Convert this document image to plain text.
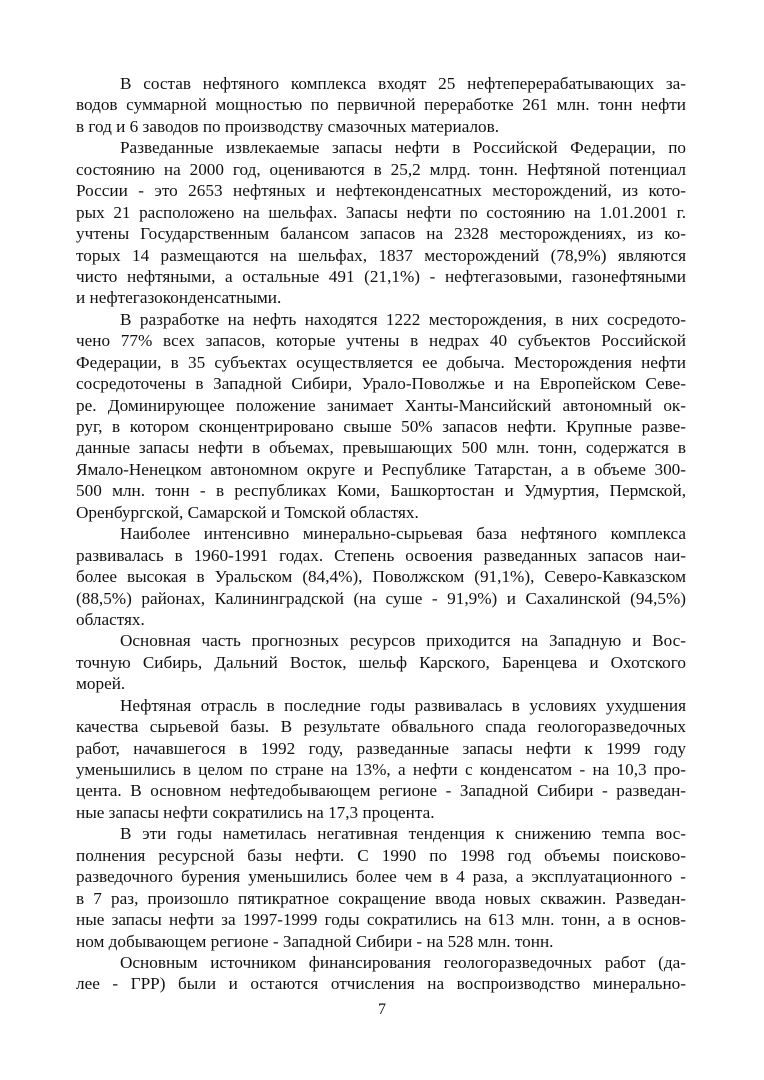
В состав нефтяного комплекса входят 25 нефтеперерабатывающих за-
водов суммарной мощностью по первичной переработке 261 млн. тонн нефти
в год и 6 заводов по производству смазочных материалов.
Разведанные извлекаемые запасы нефти в Российской Федерации, по
состоянию на 2000 год, оцениваются в 25,2 млрд. тонн. Нефтяной потенциал
России - это 2653 нефтяных и нефтеконденсатных месторождений, из кото-
рых 21 расположено на шельфах. Запасы нефти по состоянию на 1.01.2001 г.
учтены Государственным балансом запасов на 2328 месторождениях, из ко-
торых 14 размещаются на шельфах, 1837 месторождений (78,9%) являются
чисто нефтяными, а остальные 491 (21,1%) - нефтегазовыми, газонефтяными
и нефтегазоконденсатными.
В разработке на нефть находятся 1222 месторождения, в них сосредото-
чено 77% всех запасов, которые учтены в недрах 40 субъектов Российской
Федерации, в 35 субъектах осуществляется ее добыча. Месторождения нефти
сосредоточены в Западной Сибири, Урало-Поволжье и на Европейском Севе-
ре. Доминирующее положение занимает Ханты-Мансийский автономный ок-
руг, в котором сконцентрировано свыше 50% запасов нефти. Крупные разве-
данные запасы нефти в объемах, превышающих 500 млн. тонн, содержатся в
Ямало-Ненецком автономном округе и Республике Татарстан, а в объеме 300-
500 млн. тонн - в республиках Коми, Башкортостан и Удмуртия, Пермской,
Оренбургской, Самарской и Томской областях.
Наиболее интенсивно минерально-сырьевая база нефтяного комплекса
развивалась в 1960-1991 годах. Степень освоения разведанных запасов наи-
более высокая в Уральском (84,4%), Поволжском (91,1%), Северо-Кавказском
(88,5%) районах, Калининградской (на суше - 91,9%) и Сахалинской (94,5%)
областях.
Основная часть прогнозных ресурсов приходится на Западную и Вос-
точную Сибирь, Дальний Восток, шельф Карского, Баренцева и Охотского
морей.
Нефтяная отрасль в последние годы развивалась в условиях ухудшения
качества сырьевой базы. В результате обвального спада геологоразведочных
работ, начавшегося в 1992 году, разведанные запасы нефти к 1999 году
уменьшились в целом по стране на 13%, а нефти с конденсатом - на 10,3 про-
цента. В основном нефтедобывающем регионе - Западной Сибири - разведан-
ные запасы нефти сократились на 17,3 процента.
В эти годы наметилась негативная тенденция к снижению темпа вос-
полнения ресурсной базы нефти. С 1990 по 1998 год объемы поисково-
разведочного бурения уменьшились более чем в 4 раза, а эксплуатационного -
в 7 раз, произошло пятикратное сокращение ввода новых скважин. Разведан-
ные запасы нефти за 1997-1999 годы сократились на 613 млн. тонн, а в основ-
ном добывающем регионе - Западной Сибири - на 528 млн. тонн.
Основным источником финансирования геологоразведочных работ (да-
лее - ГРР) были и остаются отчисления на воспроизводство минерально-
7
